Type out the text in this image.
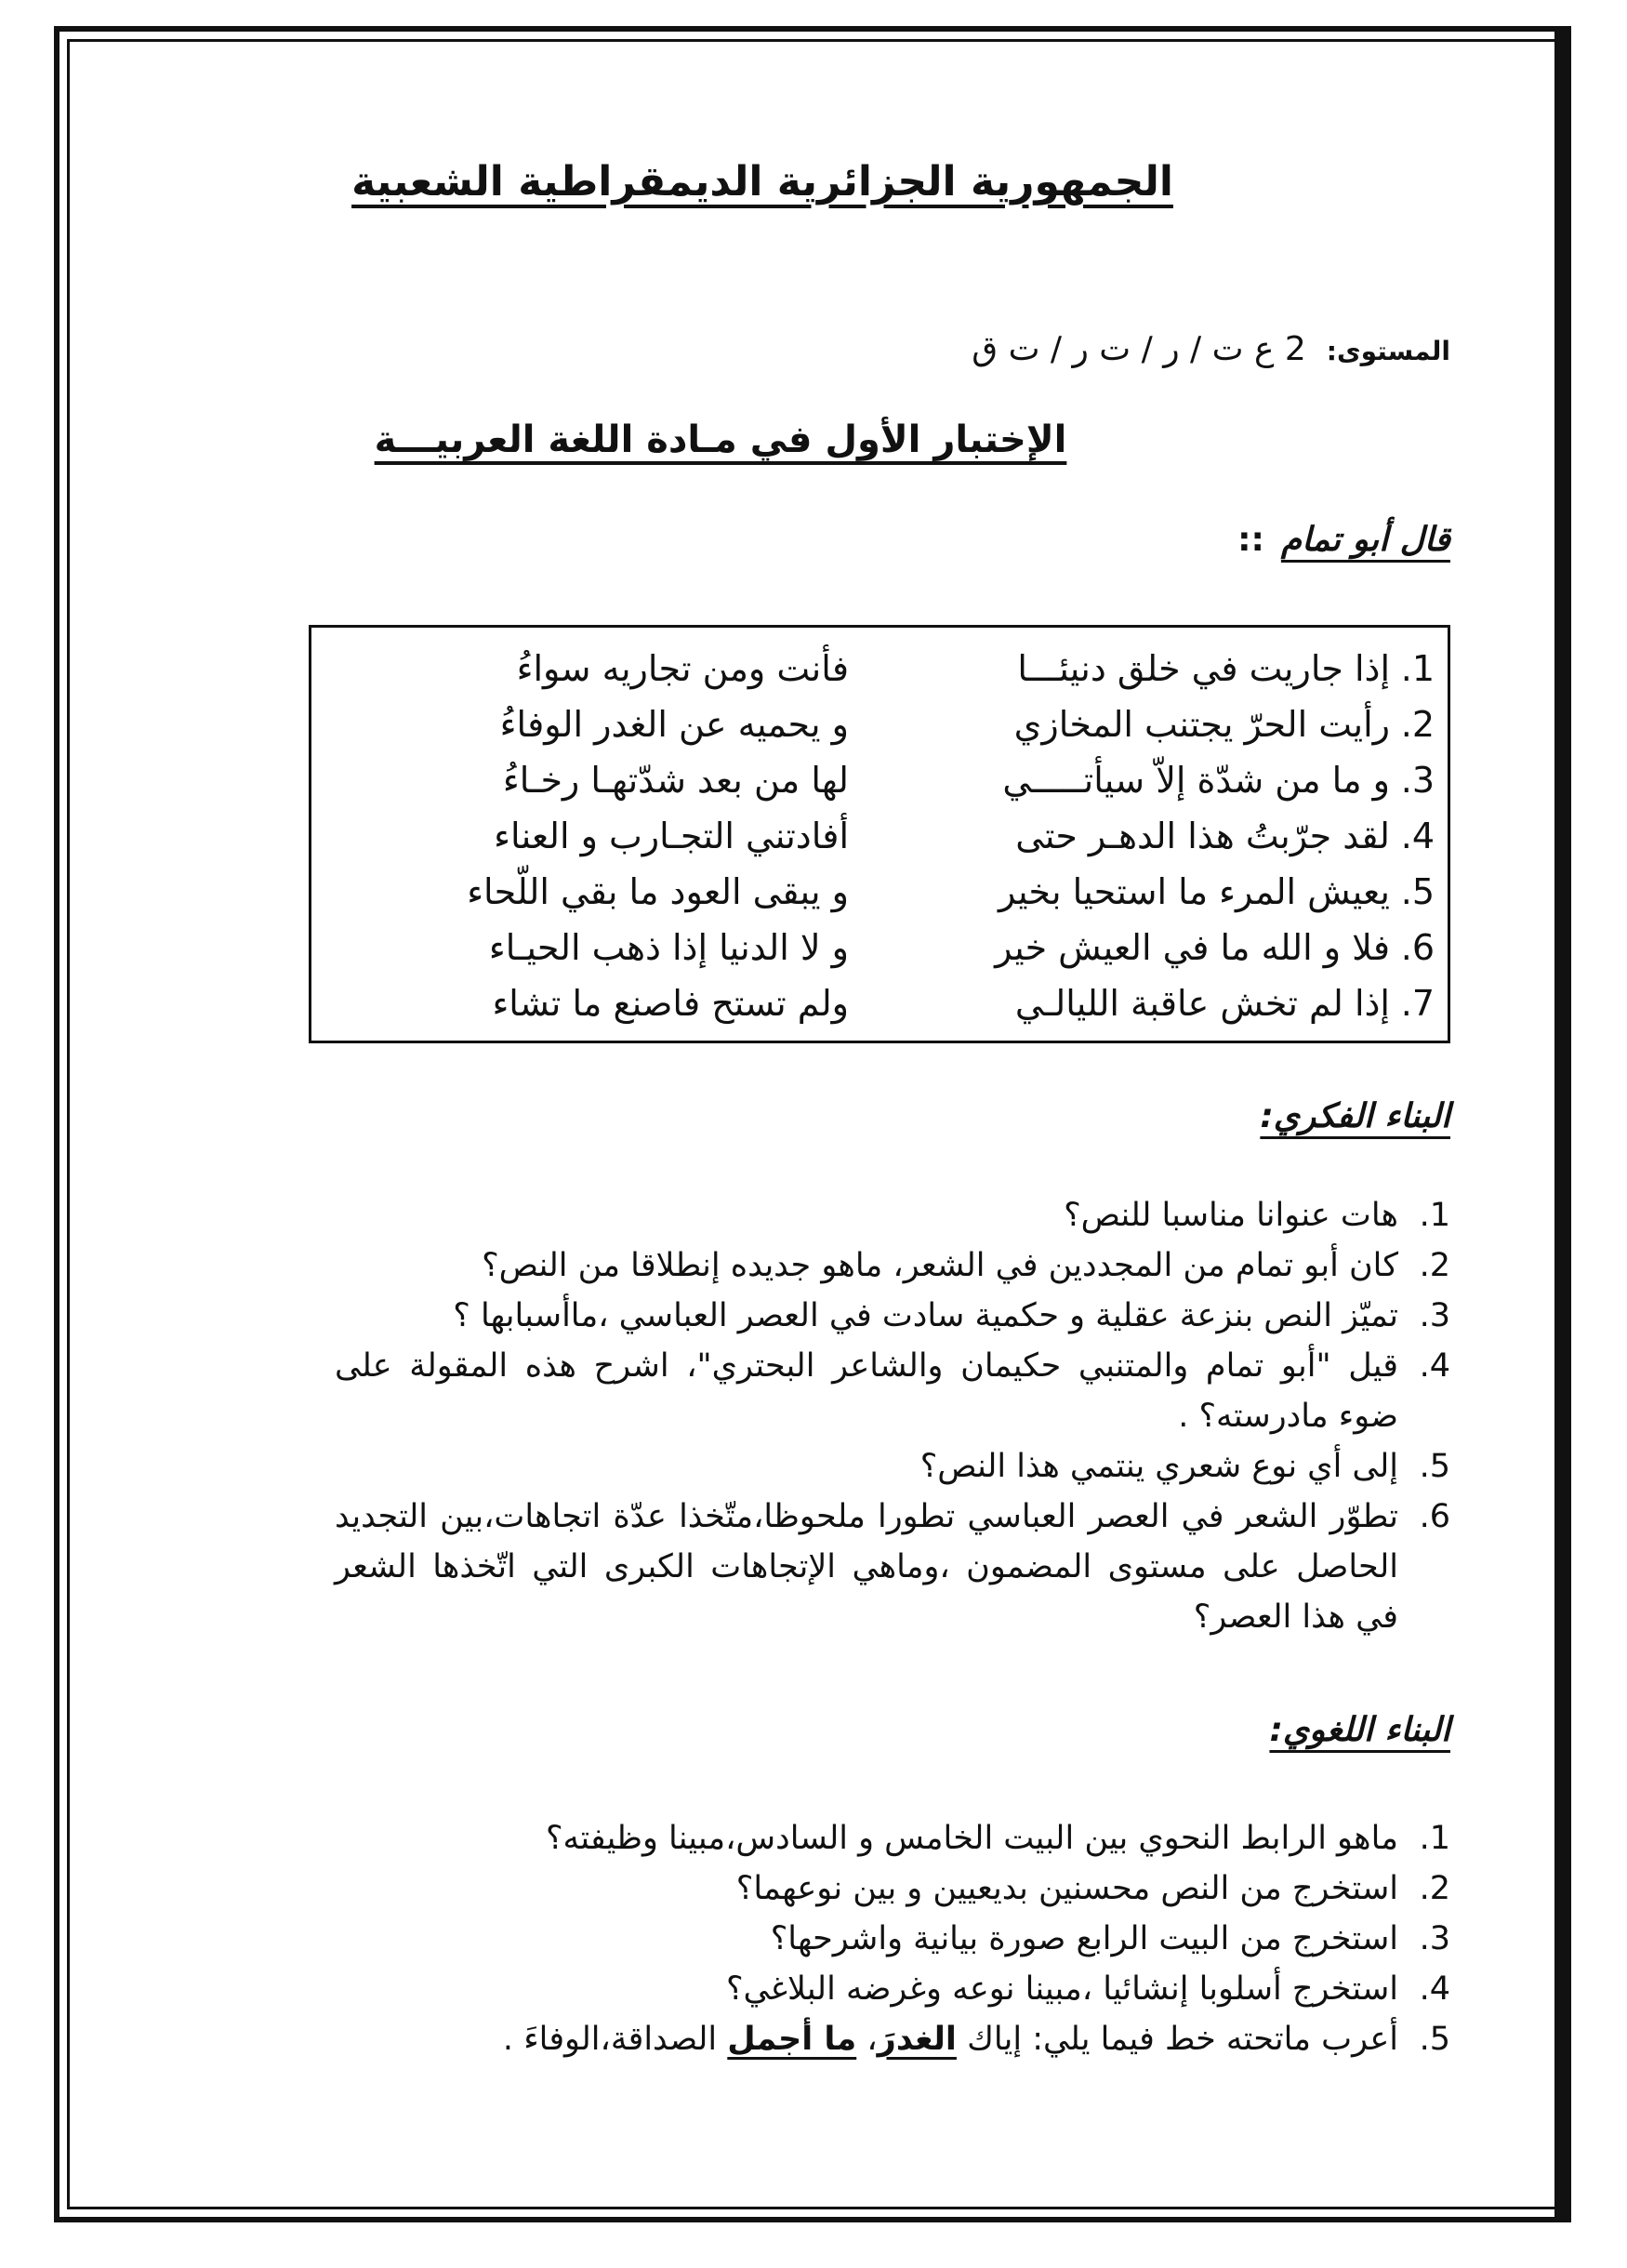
الجمهورية الجزائرية الديمقراطية الشعبية
المستوى:2 ع ت / ر / ت ر / ت ق
الإختبار الأول في مـادة اللغة العربيـــة
قال أبو تمام::
1.
إذا جاريت في خلق دنيئـــا
فأنت ومن تجاريه سواءُ
2.
رأيت الحرّ يجتنب المخازي
و يحميه عن الغدر الوفاءُ
3.
و ما من شدّة إلاّ سيأتـــــي
لها من بعد شدّتهـا رخـاءُ
4.
لقد جرّبتُ هذا الدهـر حتى
أفادتني التجـارب و العناء
5.
يعيش المرء ما استحيا بخير
و يبقى العود ما بقي اللّحاء
6.
فلا و الله ما في العيش خير
و لا الدنيا إذا ذهب الحيـاء
7.
إذا لم تخش عاقبة الليالـي
ولم تستح فاصنع ما تشاء
البناء الفكري:
1.
هات عنوانا مناسبا للنص؟
2.
كان أبو تمام من المجددين في الشعر، ماهو جديده إنطلاقا من النص؟
3.
تميّز النص بنزعة عقلية و حكمية سادت في العصر العباسي ،ماأسبابها ؟
4.
قيل "أبو تمام والمتنبي حكيمان والشاعر البحتري"، اشرح هذه المقولة على ضوء مادرسته؟ .
5.
إلى أي نوع شعري ينتمي هذا النص؟
6.
تطوّر الشعر في العصر العباسي تطورا ملحوظا،متّخذا عدّة اتجاهات،بين التجديد الحاصل على مستوى المضمون ،وماهي الإتجاهات الكبرى التي اتّخذها الشعر في هذا العصر؟
البناء اللغوي:
1.
ماهو الرابط النحوي بين البيت الخامس و السادس،مبينا وظيفته؟
2.
استخرج من النص محسنين بديعيين و بين نوعهما؟
3.
استخرج من البيت الرابع صورة بيانية واشرحها؟
4.
استخرج أسلوبا إنشائيا ،مبينا نوعه وغرضه البلاغي؟
5.
أعرب ماتحته خط فيما يلي: إياك الغدرَ، ما أجمل الصداقة،الوفاءَ .
